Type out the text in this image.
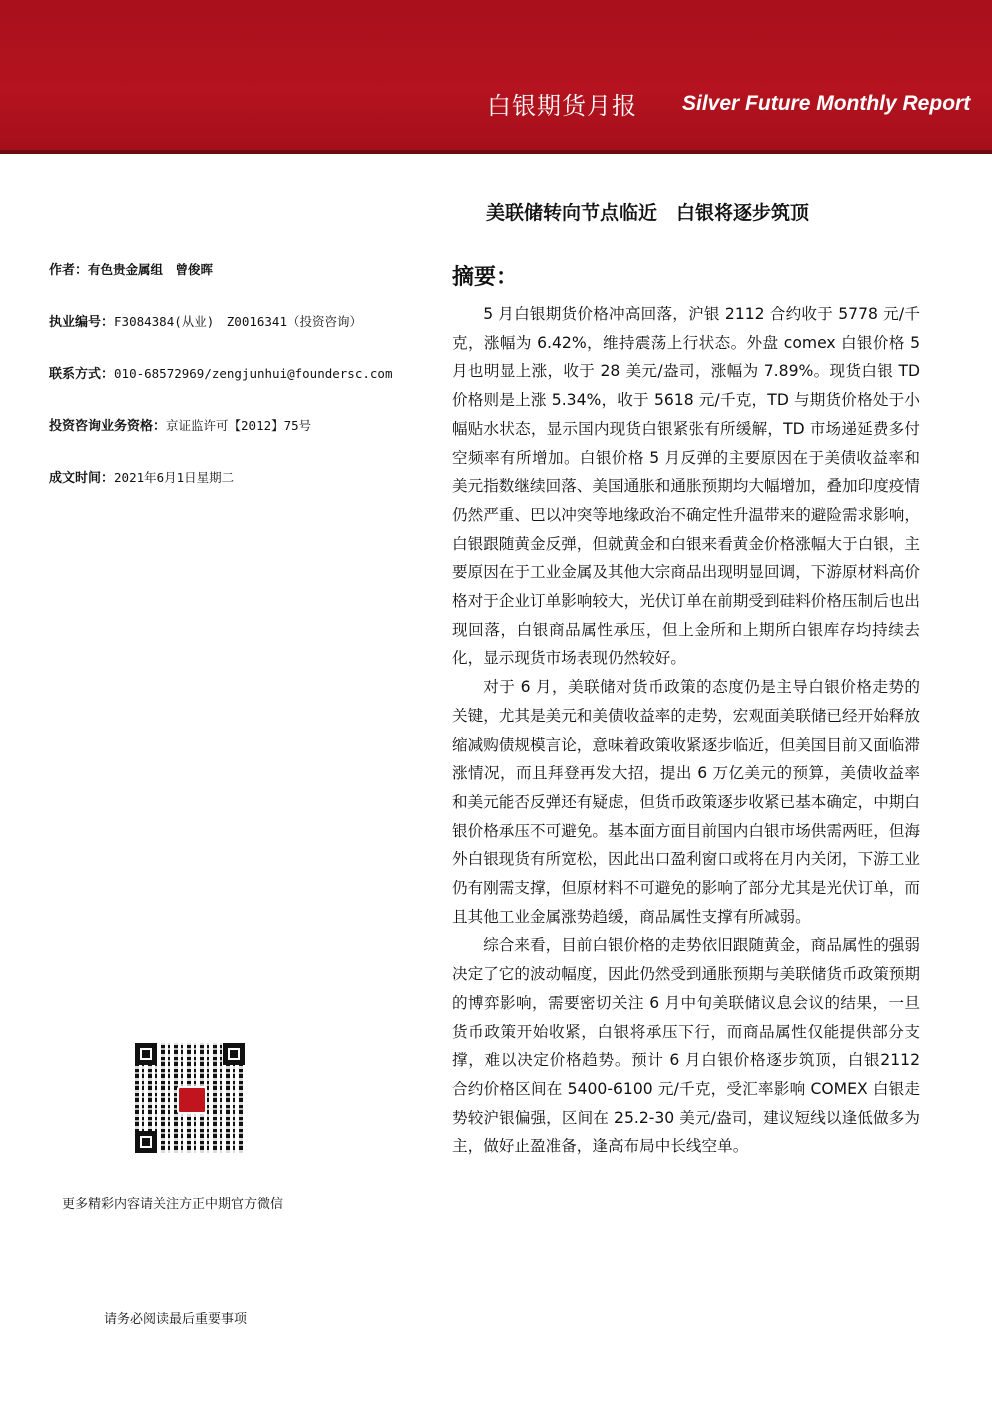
白银期货月报 Silver Future Monthly Report
美联储转向节点临近　白银将逐步筑顶
作者：有色贵金属组　曾俊晖
执业编号：F3084384(从业)　Z0016341（投资咨询）
联系方式：010-68572969/zengjunhui@foundersc.com
投资咨询业务资格：京证监许可【2012】75号
成文时间：2021年6月1日星期二
摘要：

5 月白银期货价格冲高回落，沪银 2112 合约收于 5778 元/千克，涨幅为 6.42%，维持震荡上行状态。外盘 comex 白银价格 5 月也明显上涨，收于 28 美元/盎司，涨幅为 7.89%。现货白银 TD 价格则是上涨 5.34%，收于 5618 元/千克，TD 与期货价格处于小幅贴水状态，显示国内现货白银紧张有所缓解，TD 市场递延费多付空频率有所增加。白银价格 5 月反弹的主要原因在于美债收益率和美元指数继续回落、美国通胀和通胀预期均大幅增加，叠加印度疫情仍然严重、巴以冲突等地缘政治不确定性升温带来的避险需求影响，白银跟随黄金反弹，但就黄金和白银来看黄金价格涨幅大于白银，主要原因在于工业金属及其他大宗商品出现明显回调，下游原材料高价格对于企业订单影响较大，光伏订单在前期受到硅料价格压制后也出现回落，白银商品属性承压，但上金所和上期所白银库存均持续去化，显示现货市场表现仍然较好。

对于 6 月，美联储对货币政策的态度仍是主导白银价格走势的关键，尤其是美元和美债收益率的走势，宏观面美联储已经开始释放缩减购债规模言论，意味着政策收紧逐步临近，但美国目前又面临滞涨情况，而且拜登再发大招，提出 6 万亿美元的预算，美债收益率和美元能否反弹还有疑虑，但货币政策逐步收紧已基本确定，中期白银价格承压不可避免。基本面方面目前国内白银市场供需两旺，但海外白银现货有所宽松，因此出口盈利窗口或将在月内关闭，下游工业仍有刚需支撑，但原材料不可避免的影响了部分尤其是光伏订单，而且其他工业金属涨势趋缓，商品属性支撑有所减弱。

综合来看，目前白银价格的走势依旧跟随黄金，商品属性的强弱决定了它的波动幅度，因此仍然受到通胀预期与美联储货币政策预期的博弈影响，需要密切关注 6 月中旬美联储议息会议的结果，一旦货币政策开始收紧，白银将承压下行，而商品属性仅能提供部分支撑，难以决定价格趋势。预计 6 月白银价格逐步筑顶，白银2112 合约价格区间在 5400-6100 元/千克，受汇率影响 COMEX 白银走势较沪银偏强，区间在 25.2-30 美元/盎司，建议短线以逢低做多为主，做好止盈准备，逢高布局中长线空单。

更多精彩内容请关注方正中期官方微信
请务必阅读最后重要事项
